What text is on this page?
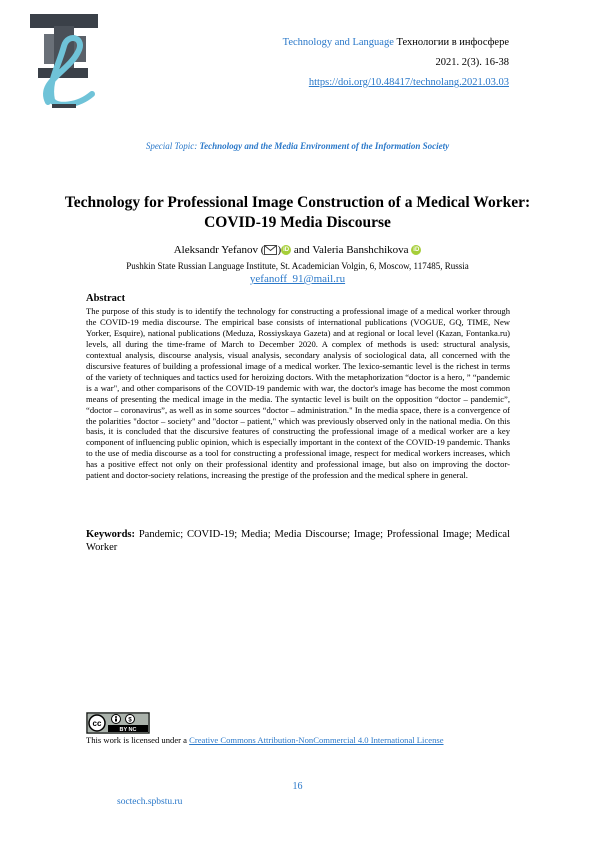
Technology and Language Технологии в инфосфере
2021. 2(3). 16-38
https://doi.org/10.48417/technolang.2021.03.03
Special Topic: Technology and the Media Environment of the Information Society
Technology for Professional Image Construction of a Medical Worker: COVID-19 Media Discourse
Aleksandr Yefanov ( ) iD and Valeria Banshchikova iD
Pushkin State Russian Language Institute, St. Academician Volgin, 6, Moscow, 117485, Russia
yefanoff_91@mail.ru
Abstract
The purpose of this study is to identify the technology for constructing a professional image of a medical worker through the COVID-19 media discourse. The empirical base consists of international publications (VOGUE, GQ, TIME, New Yorker, Esquire), national publications (Meduza, Rossiyskaya Gazeta) and at regional or local level (Kazan, Fontanka.ru) levels, all during the time-frame of March to December 2020. A complex of methods is used: structural analysis, contextual analysis, discourse analysis, visual analysis, secondary analysis of sociological data, all concerned with the discursive features of building a professional image of a medical worker. The lexico-semantic level is the richest in terms of the variety of techniques and tactics used for heroizing doctors. With the metaphorization “doctor is a hero, ” “pandemic is a war", and other comparisons of the COVID-19 pandemic with war, the doctor's image has become the most common means of presenting the medical image in the media. The syntactic level is built on the opposition “doctor – pandemic”, “doctor – coronavirus”, as well as in some sources “doctor – administration." In the media space, there is a convergence of the polarities "doctor – society" and "doctor – patient," which was previously observed only in the national media. On this basis, it is concluded that the discursive features of constructing the professional image of a medical worker are a key component of influencing public opinion, which is especially important in the context of the COVID-19 pandemic. Thanks to the use of media discourse as a tool for constructing a professional image, respect for medical workers increases, which has a positive effect not only on their professional identity and professional image, but also on improving the doctor-patient and doctor-society relations, increasing the prestige of the profession and the medical sphere in general.
Keywords: Pandemic; COVID-19; Media; Media Discourse; Image; Professional Image; Medical Worker
cc	$
BY NC
This work is licensed under a Creative Commons Attribution-NonCommercial 4.0 International License
16
soctech.spbstu.ru
